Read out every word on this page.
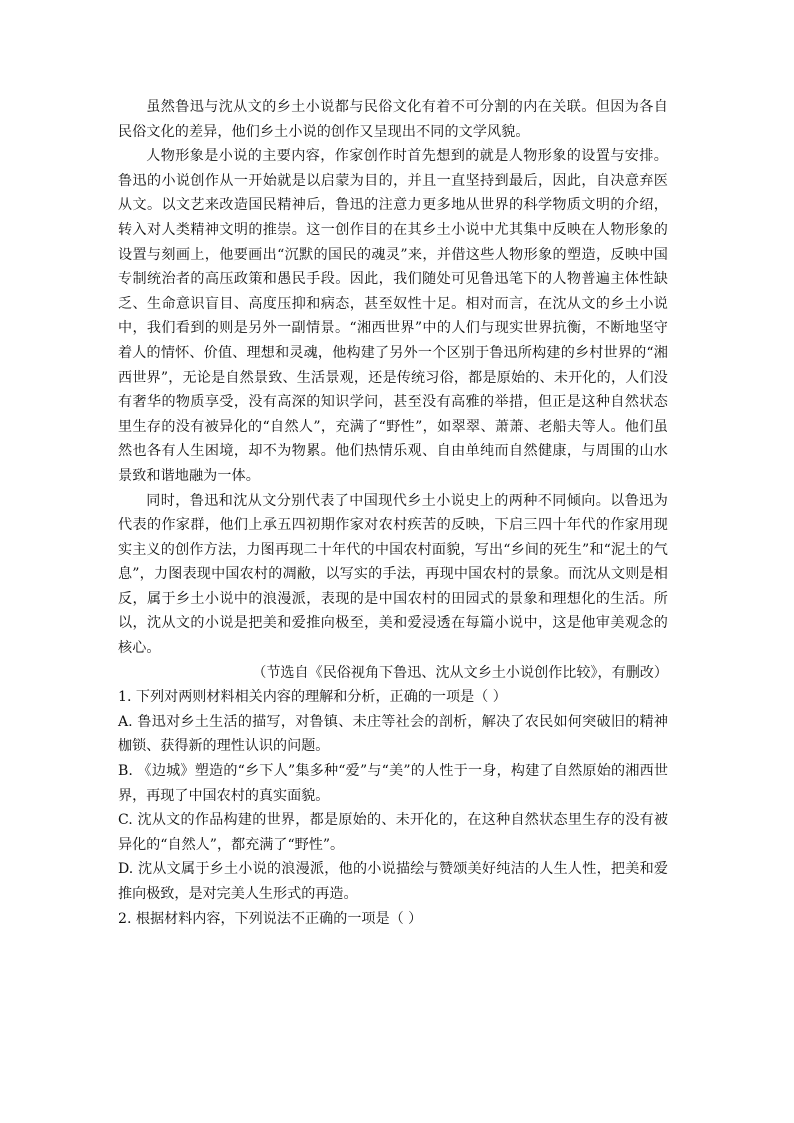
虽然鲁迅与沈从文的乡土小说都与民俗文化有着不可分割的内在关联。但因为各自民俗文化的差异，他们乡土小说的创作又呈现出不同的文学风貌。

人物形象是小说的主要内容，作家创作时首先想到的就是人物形象的设置与安排。鲁迅的小说创作从一开始就是以启蒙为目的，并且一直坚持到最后，因此，自决意弃医从文。以文艺来改造国民精神后，鲁迅的注意力更多地从世界的科学物质文明的介绍，转入对人类精神文明的推崇。这一创作目的在其乡土小说中尤其集中反映在人物形象的设置与刻画上，他要画出“沉默的国民的魂灵”来，并借这些人物形象的塑造，反映中国专制统治者的高压政策和愚民手段。因此，我们随处可见鲁迅笔下的人物普遍主体性缺乏、生命意识盲目、高度压抑和病态，甚至奴性十足。相对而言，在沈从文的乡土小说中，我们看到的则是另外一副情景。“湘西世界”中的人们与现实世界抗衡，不断地坚守着人的情怀、价值、理想和灵魂，他构建了另外一个区别于鲁迅所构建的乡村世界的“湘西世界”，无论是自然景致、生活景观，还是传统习俗，都是原始的、未开化的，人们没有奢华的物质享受，没有高深的知识学问，甚至没有高雅的举措，但正是这种自然状态里生存的没有被异化的“自然人”，充满了“野性”，如翠翠、萧萧、老船夫等人。他们虽然也各有人生困境，却不为物累。他们热情乐观、自由单纯而自然健康，与周围的山水景致和谐地融为一体。

同时，鲁迅和沈从文分别代表了中国现代乡土小说史上的两种不同倾向。以鲁迅为代表的作家群，他们上承五四初期作家对农村疾苦的反映，下启三四十年代的作家用现实主义的创作方法，力图再现二十年代的中国农村面貌，写出“乡间的死生”和“泥土的气息”，力图表现中国农村的凋敝，以写实的手法，再现中国农村的景象。而沈从文则是相反，属于乡土小说中的浪漫派，表现的是中国农村的田园式的景象和理想化的生活。所以，沈从文的小说是把美和爱推向极至，美和爱浸透在每篇小说中，这是他审美观念的核心。

（节选自《民俗视角下鲁迅、沈从文乡土小说创作比较》，有删改）

1. 下列对两则材料相关内容的理解和分析，正确的一项是（ ）

A. 鲁迅对乡土生活的描写，对鲁镇、未庄等社会的剖析，解决了农民如何突破旧的精神枷锁、获得新的理性认识的问题。

B. 《边城》塑造的“乡下人”集多种“爱”与“美”的人性于一身，构建了自然原始的湘西世界，再现了中国农村的真实面貌。

C. 沈从文的作品构建的世界，都是原始的、未开化的，在这种自然状态里生存的没有被异化的“自然人”，都充满了“野性”。

D. 沈从文属于乡土小说的浪漫派，他的小说描绘与赞颂美好纯洁的人生人性，把美和爱推向极致，是对完美人生形式的再造。

2. 根据材料内容，下列说法不正确的一项是（ ）
